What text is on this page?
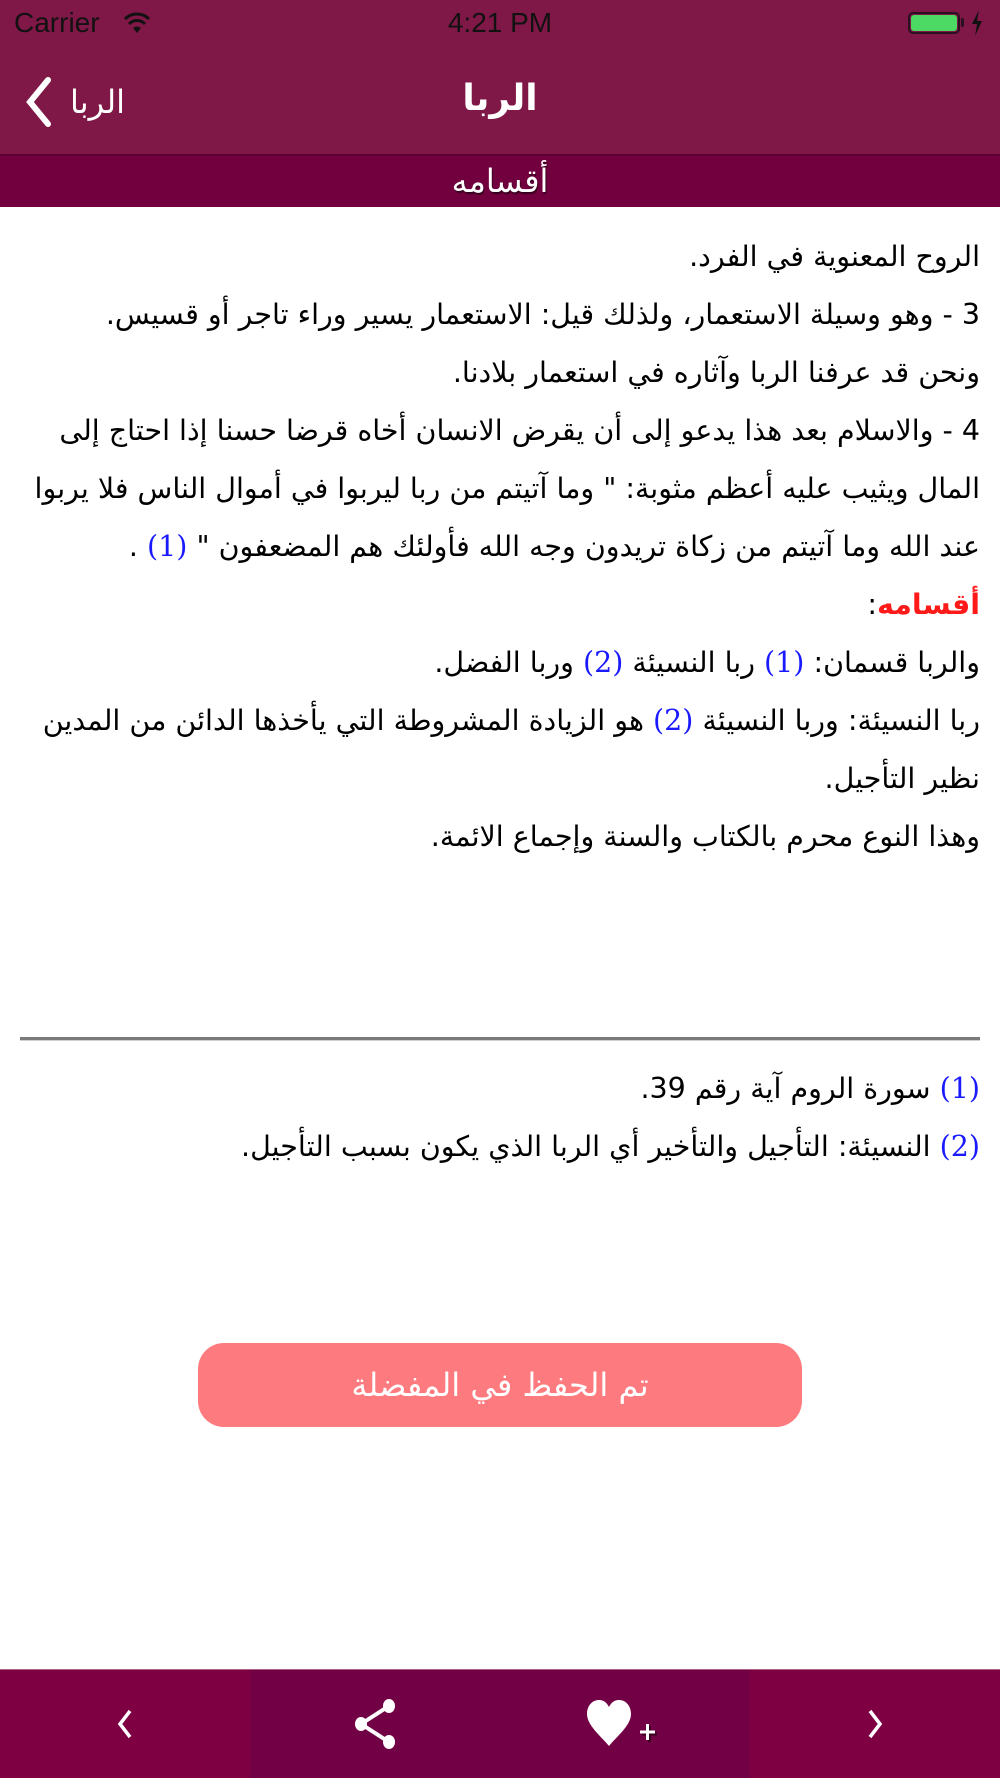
Carrier	4:21 PM
الربا	الربا
أقسامه

الروح المعنوية في الفرد.

3 - وهو وسيلة الاستعمار، ولذلك قيل: الاستعمار يسير وراء تاجر أو قسيس.

ونحن قد عرفنا الربا وآثاره في استعمار بلادنا.

4 - والاسلام بعد هذا يدعو إلى أن يقرض الانسان أخاه قرضا حسنا إذا احتاج إلى المال ويثيب عليه أعظم مثوبة: " وما آتيتم من ربا ليربوا في أموال الناس فلا يربوا عند الله وما آتيتم من زكاة تريدون وجه الله فأولئك هم المضعفون " (1) .

أقسامه:

والربا قسمان: (1) ربا النسيئة (2) وربا الفضل.

ربا النسيئة: وربا النسيئة (2) هو الزيادة المشروطة التي يأخذها الدائن من المدين نظير التأجيل.

وهذا النوع محرم بالكتاب والسنة وإجماع الائمة.

(1) سورة الروم آية رقم 39.

(2) النسيئة: التأجيل والتأخير أي الربا الذي يكون بسبب التأجيل.

تم الحفظ في المفضلة
